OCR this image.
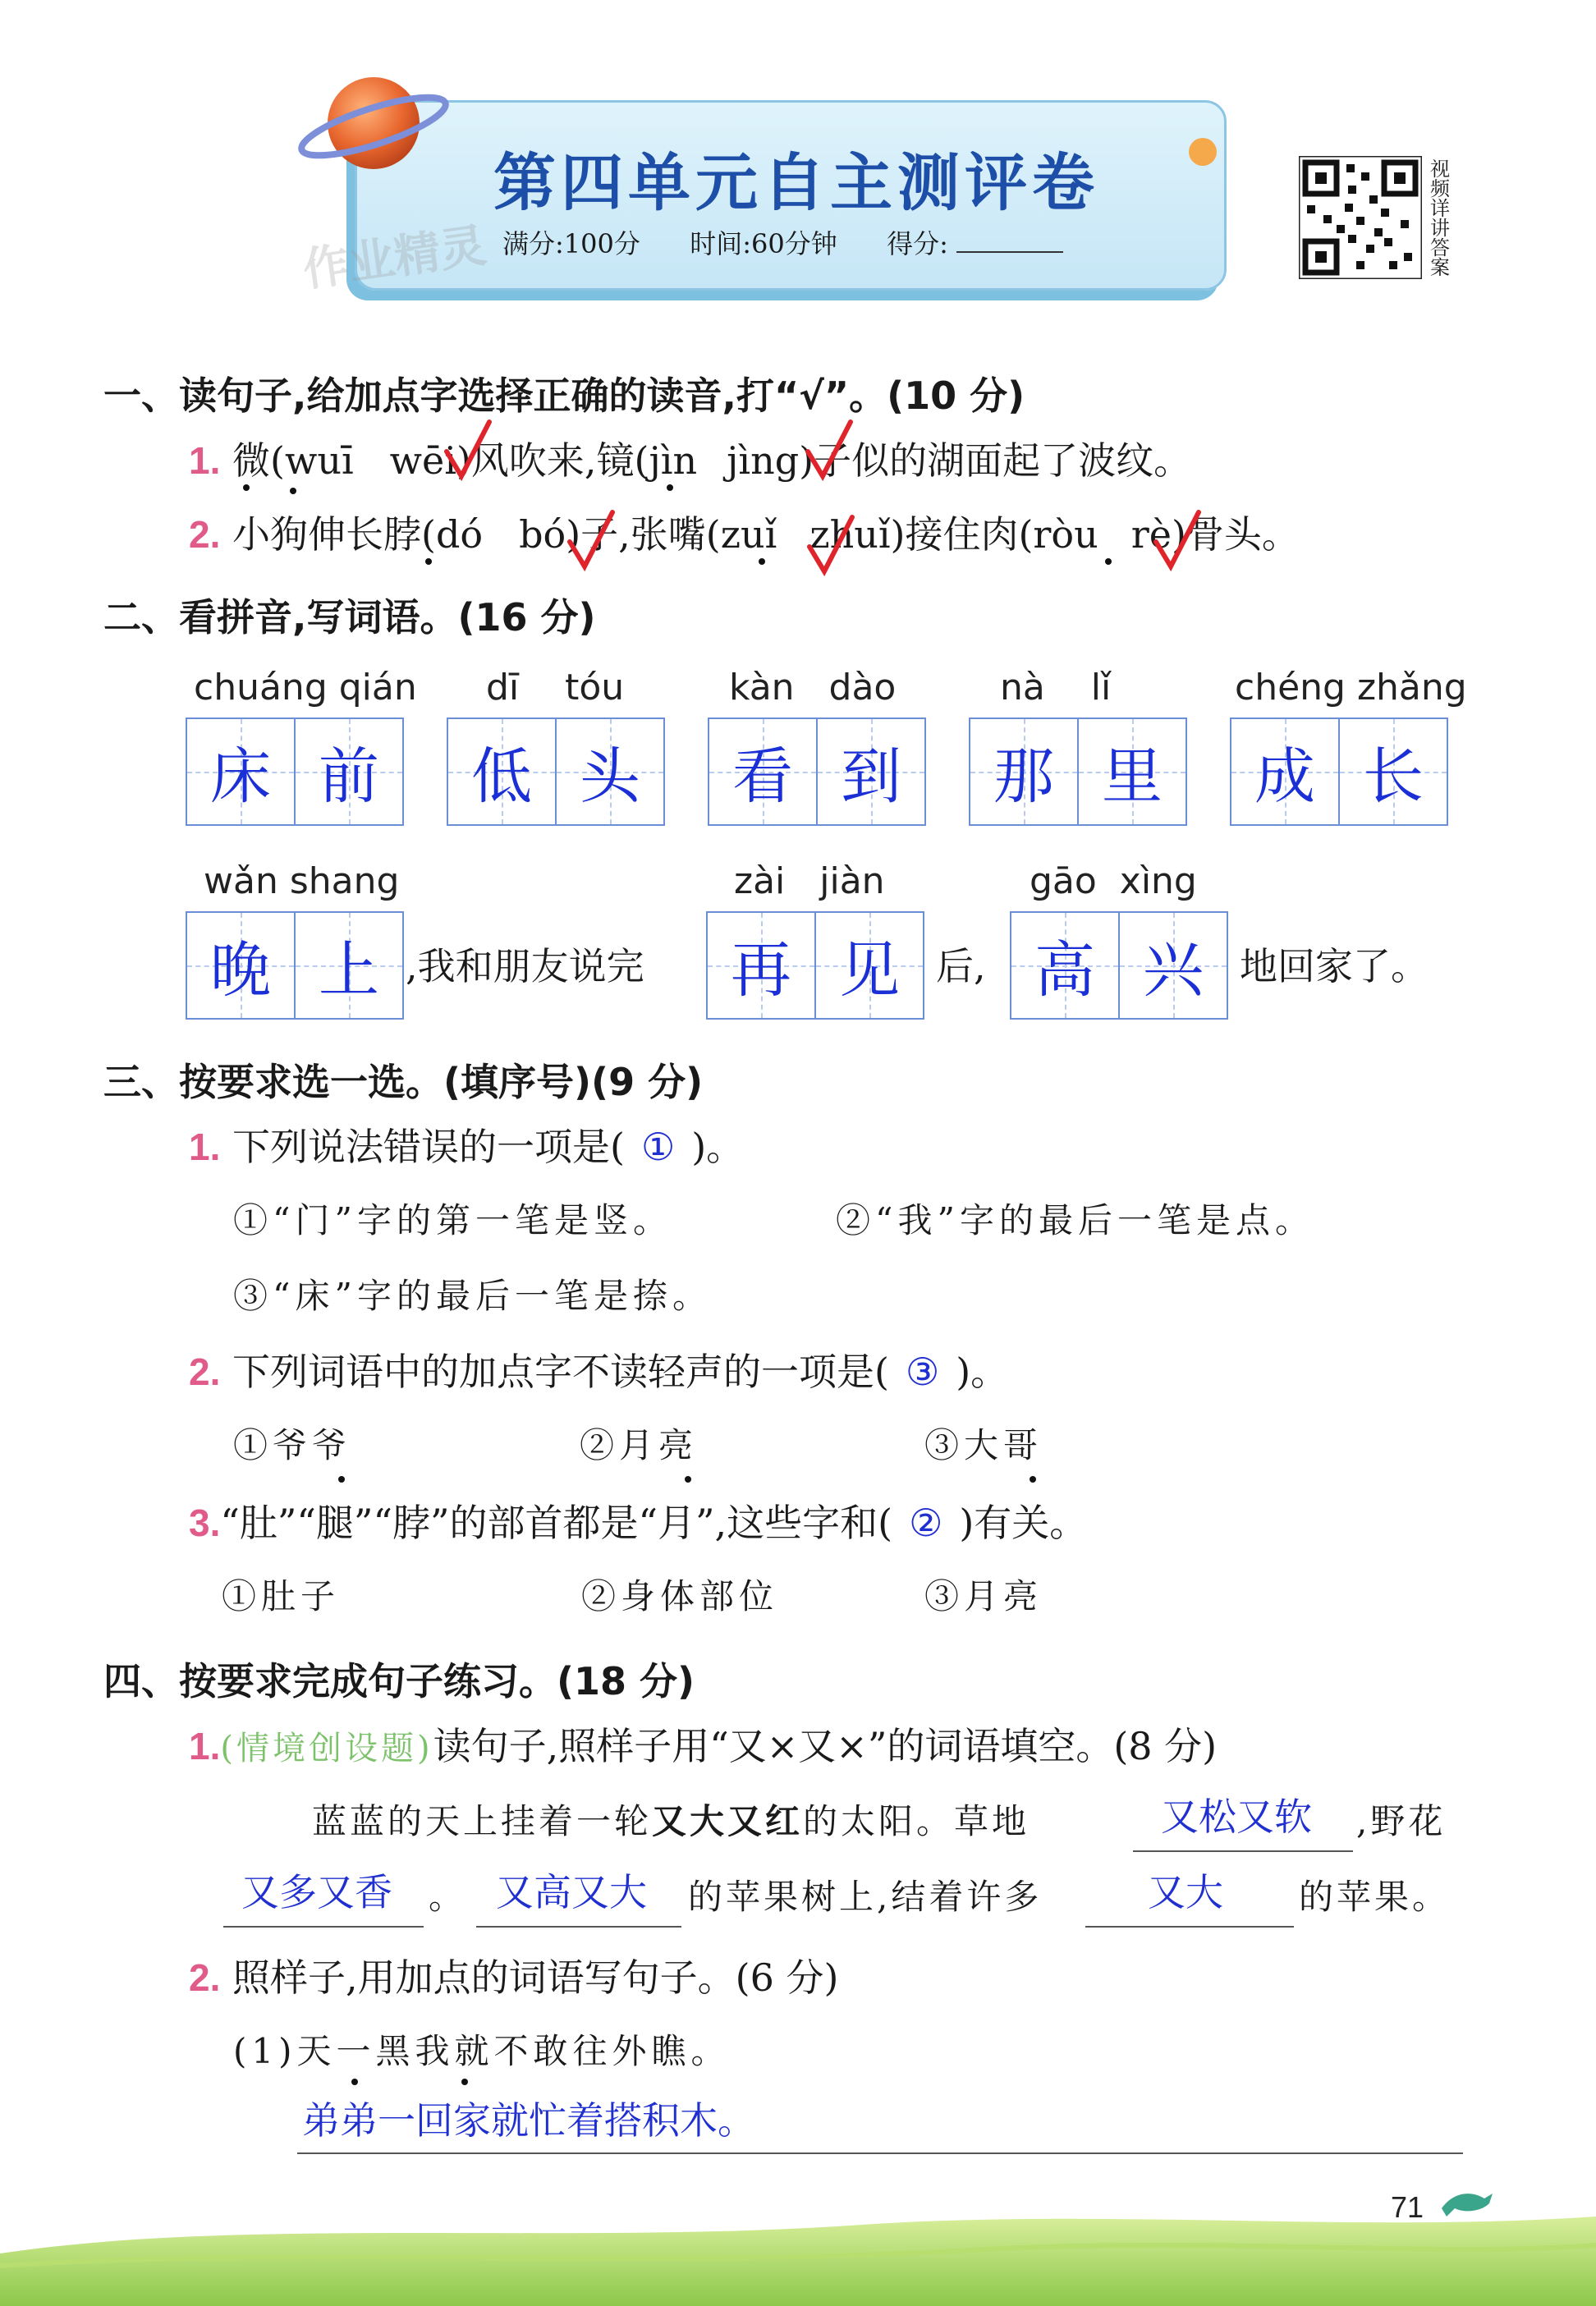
第四单元自主测评卷
满分:100分 时间:60分钟 得分:
作业精灵
视频详讲答案
一、读句子,给加点字选择正确的读音,打“√”。(10 分)
1. 微(wuī wēi)风吹来,镜(jìn jìng)子似的湖面起了波纹。
2. 小狗伸长脖(dó bó)子,张嘴(zuǐ zhuǐ)接住肉(ròu rè)骨头。
二、看拼音,写词语。(16 分)
chuáng qián
床 前
dī    tóu
低 头
kàn   dào
看 到
nà    lǐ
那 里
chéng zhǎng
成 长
wǎn shang
晚 上 ,我和朋友说完
zài   jiàn
再 见 后,
gāo  xìng
高 兴 地回家了。
三、按要求选一选。(填序号)(9 分)
1. 下列说法错误的一项是( ① )。
①“门”字的第一笔是竖。	②“我”字的最后一笔是点。
③“床”字的最后一笔是捺。
2. 下列词语中的加点字不读轻声的一项是( ③ )。
①爷爷	②月亮	③大哥
3.“肚”“腿”“脖”的部首都是“月”,这些字和( ② )有关。
①肚子	②身体部位	③月亮
四、按要求完成句子练习。(18 分)
1.(情境创设题)读句子,照样子用“又×又×”的词语填空。(8 分)
蓝蓝的天上挂着一轮又大又红的太阳。草地	又松又软 ,野花
又多又香 。 又高又大 的苹果树上,结着许多	又大 的苹果。
2. 照样子,用加点的词语写句子。(6 分)
(1)天一黑我就不敢往外瞧。
弟弟一回家就忙着搭积木。
71
